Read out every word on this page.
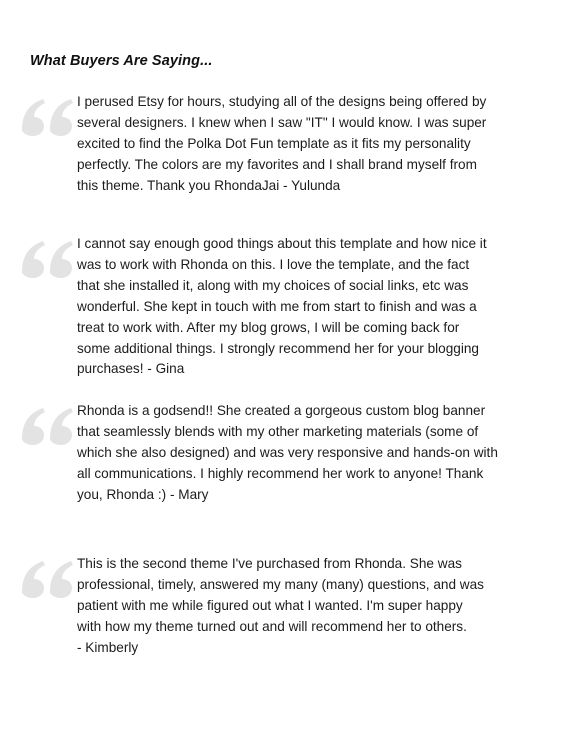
What Buyers Are Saying...

I perused Etsy for hours, studying all of the designs being offered by
several designers. I knew when I saw "IT" I would know. I was super
excited to find the Polka Dot Fun template as it fits my personality
perfectly. The colors are my favorites and I shall brand myself from
this theme. Thank you RhondaJai - Yulunda

I cannot say enough good things about this template and how nice it
was to work with Rhonda on this. I love the template, and the fact
that she installed it, along with my choices of social links, etc was
wonderful. She kept in touch with me from start to finish and was a
treat to work with. After my blog grows, I will be coming back for
some additional things. I strongly recommend her for your blogging
purchases! - Gina

Rhonda is a godsend!! She created a gorgeous custom blog banner
that seamlessly blends with my other marketing materials (some of
which she also designed) and was very responsive and hands-on with
all communications. I highly recommend her work to anyone! Thank
you, Rhonda :) - Mary

This is the second theme I've purchased from Rhonda. She was
professional, timely, answered my many (many) questions, and was
patient with me while figured out what I wanted. I'm super happy
with how my theme turned out and will recommend her to others.
- Kimberly
